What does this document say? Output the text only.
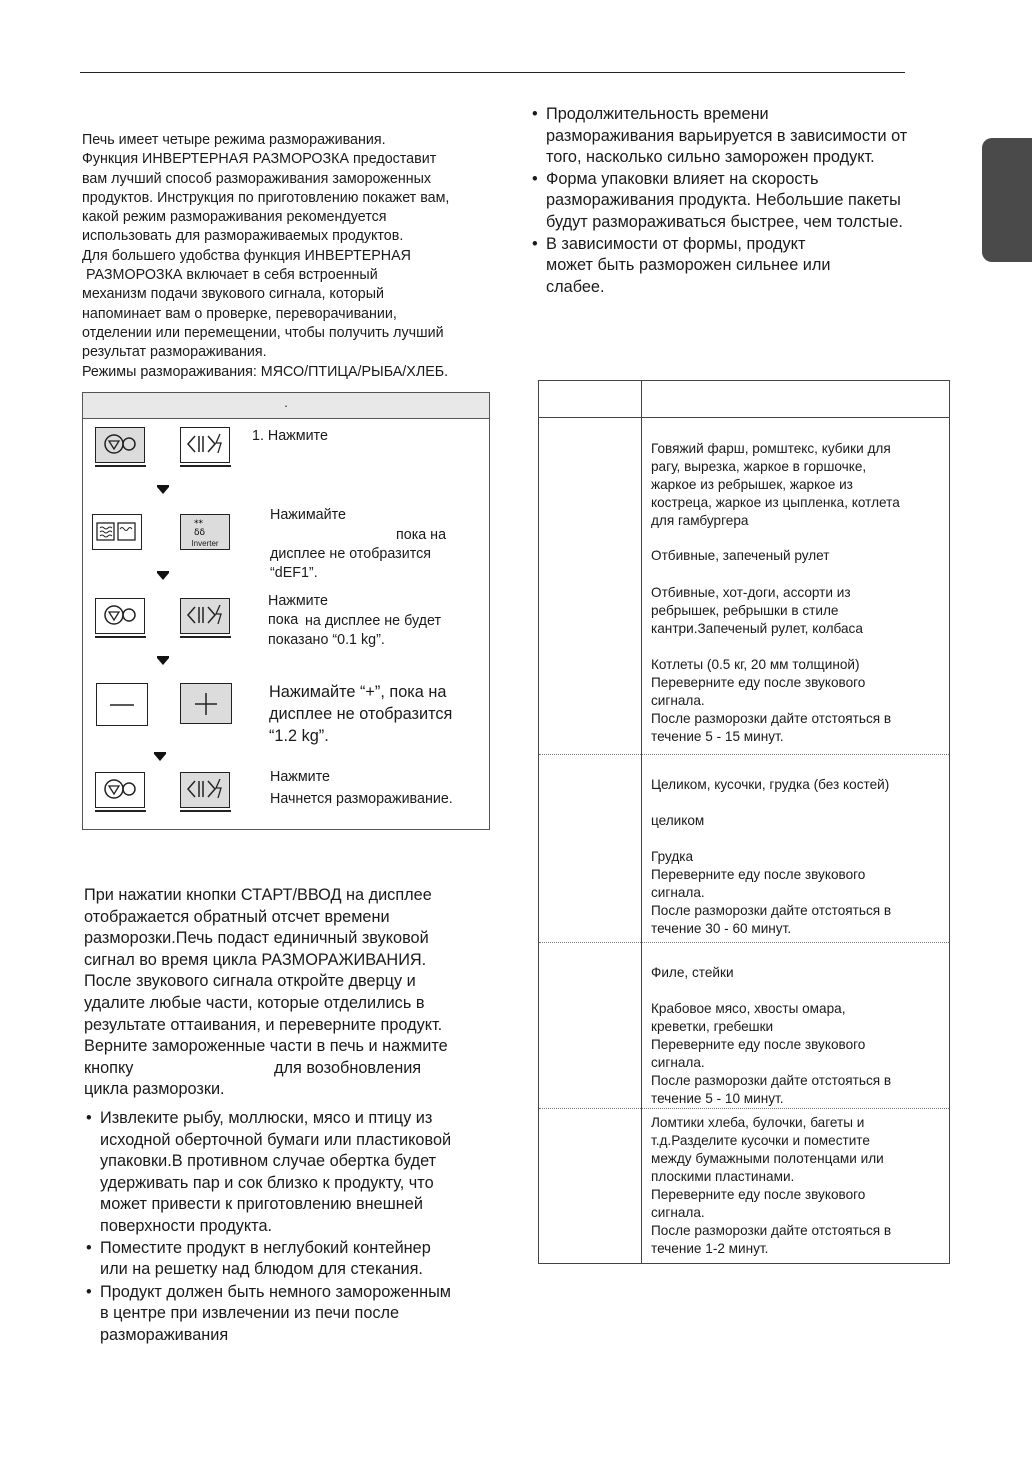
Печь имеет четыре режима размораживания.
Функция ИНВЕРТЕРНАЯ РАЗМОРОЗКА предоставит
вам лучший способ размораживания замороженных
продуктов. Инструкция по приготовлению покажет вам,
какой режим размораживания рекомендуется
использовать для размораживаемых продуктов.
Для большего удобства функция ИНВЕРТЕРНАЯ
РАЗМОРОЗКА включает в себя встроенный
механизм подачи звукового сигнала, который
напоминает вам о проверке, переворачивании,
отделении или перемещении, чтобы получить лучший
результат размораживания.
Режимы размораживания: МЯСО/ПТИЦА/РЫБА/ХЛЕБ.
.
1. Нажмите
**
δδ
Inverter
Нажимайте
пока на
дисплее не отобразится
“dEF1”.
Нажмите
пока на дисплее не будет
показано “0.1 kg”.
Нажимайте “+”, пока на
дисплее не отобразится
“1.2 kg”.
Нажмите
Начнется размораживание.
При нажатии кнопки СТАРТ/ВВОД на дисплее
отображается обратный отсчет времени
разморозки.Печь подаст единичный звуковой
сигнал во время цикла РАЗМОРАЖИВАНИЯ.
После звукового сигнала откройте дверцу и
удалите любые части, которые отделились в
результате оттаивания, и переверните продукт.
Верните замороженные части в печь и нажмите
кнопку	для возобновления
цикла разморозки.
• Извлеките рыбу, моллюски, мясо и птицу из
исходной оберточной бумаги или пластиковой
упаковки.В противном случае обертка будет
удерживать пар и сок близко к продукту, что
может привести к приготовлению внешней
поверхности продукта.
• Поместите продукт в неглубокий контейнер
или на решетку над блюдом для стекания.
• Продукт должен быть немного замороженным
в центре при извлечении из печи после
размораживания
• Продолжительность времени
размораживания варьируется в зависимости от
того, насколько сильно заморожен продукт.
• Форма упаковки влияет на скорость
размораживания продукта. Небольшие пакеты
будут размораживаться быстрее, чем толстые.
• В зависимости от формы, продукт
может быть разморожен сильнее или
слабее.
Говяжий фарш, ромштекс, кубики для
рагу, вырезка, жаркое в горшочке,
жаркое из ребрышек, жаркое из
кострeца, жаркое из цыпленка, котлета
для гамбургера
Отбивные, запеченый рулет
Отбивные, хот-доги, ассорти из
ребрышек, ребрышки в стиле
кантри.Запеченый рулет, колбаса
Котлеты (0.5 кг, 20 мм толщиной)
Переверните еду после звукового
сигнала.
После разморозки дайте отстояться в
течение 5 - 15 минут.
Целиком, кусочки, грудка (без костей)
целиком
Грудка
Переверните еду после звукового
сигнала.
После разморозки дайте отстояться в
течение 30 - 60 минут.
Филе, стейки
Крабовое мясо, хвосты омара,
креветки, гребешки
Переверните еду после звукового
сигнала.
После разморозки дайте отстояться в
течение 5 - 10 минут.
Ломтики хлеба, булочки, багеты и
т.д.Разделите кусочки и поместите
между бумажными полотенцами или
плоскими пластинами.
Переверните еду после звукового
сигнала.
После разморозки дайте отстояться в
течение 1-2 минут.
